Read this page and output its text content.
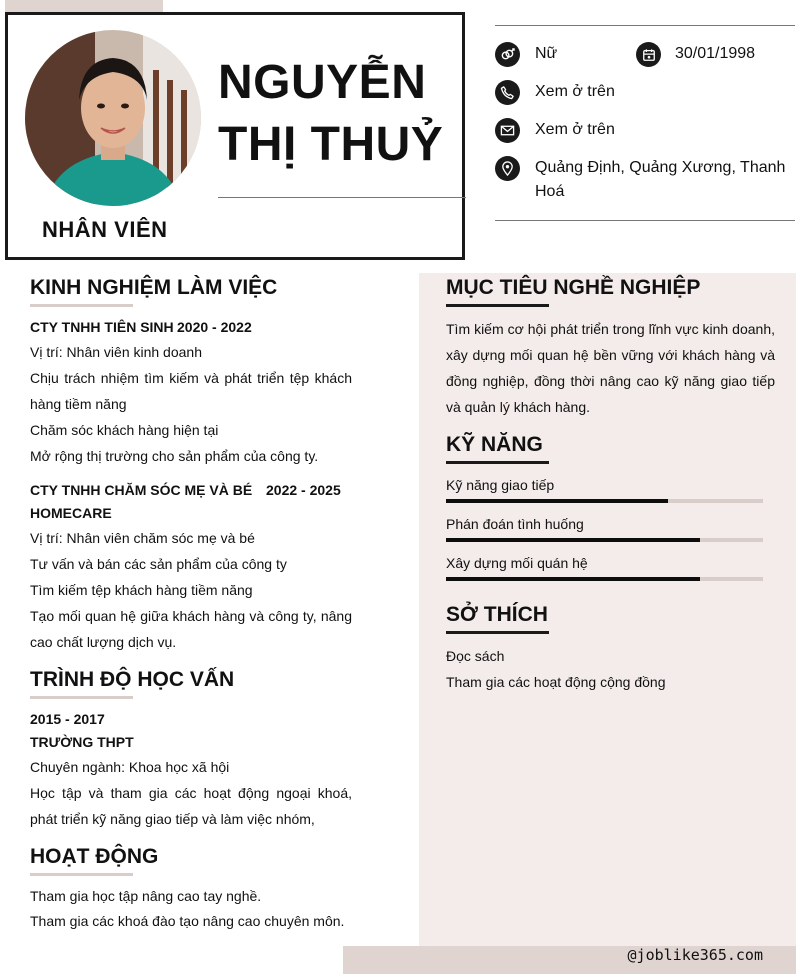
NGUYỄN
THỊ THUỶ
NHÂN VIÊN
Nữ	30/01/1998
Xem ở trên
Xem ở trên
Quảng Định, Quảng Xương, Thanh
Hoá
KINH NGHIỆM LÀM VIỆC
CTY TNHH TIÊN SINH 2020 - 2022
Vị trí: Nhân viên kinh doanh
Chịu trách nhiệm tìm kiếm và phát triển tệp khách hàng tiềm năng
Chăm sóc khách hàng hiện tại
Mở rộng thị trường cho sản phẩm của công ty.
CTY TNHH CHĂM SÓC MẸ VÀ BÉ
HOMECARE
2022 - 2025
Vị trí: Nhân viên chăm sóc mẹ và bé
Tư vấn và bán các sản phẩm của công ty
Tìm kiếm tệp khách hàng tiềm năng
Tạo mối quan hệ giữa khách hàng và công ty, nâng cao chất lượng dịch vụ.
TRÌNH ĐỘ HỌC VẤN
2015 - 2017
TRƯỜNG THPT
Chuyên ngành: Khoa học xã hội
Học tập và tham gia các hoạt động ngoại khoá, phát triển kỹ năng giao tiếp và làm việc nhóm,
HOẠT ĐỘNG
Tham gia học tập nâng cao tay nghề.
Tham gia các khoá đào tạo nâng cao chuyên môn.
MỤC TIÊU NGHỀ NGHIỆP
Tìm kiếm cơ hội phát triển trong lĩnh vực kinh doanh, xây dựng mối quan hệ bền vững với khách hàng và đồng nghiệp, đồng thời nâng cao kỹ năng giao tiếp và quản lý khách hàng.
KỸ NĂNG
Kỹ năng giao tiếp
Phán đoán tình huống
Xây dựng mối quán hệ
SỞ THÍCH
Đọc sách
Tham gia các hoạt động cộng đồng
@joblike365.com
